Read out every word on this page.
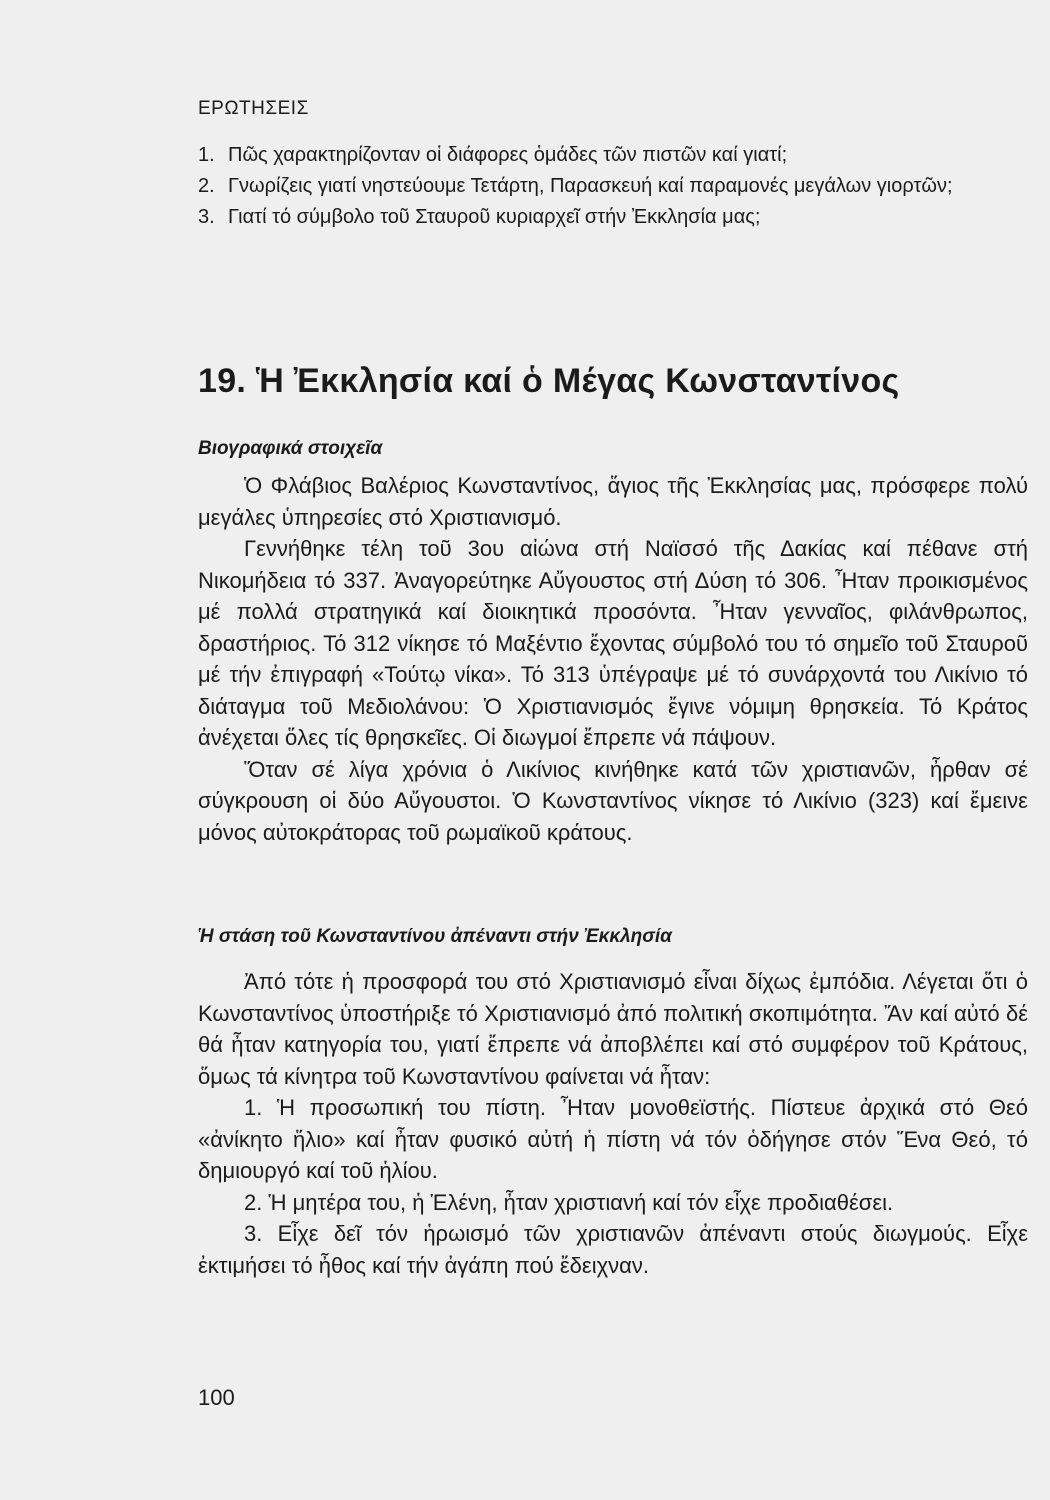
ΕΡΩΤΗΣΕΙΣ
1. Πῶς χαρακτηρίζονταν οἱ διάφορες ὁμάδες τῶν πιστῶν καί γιατί;
2. Γνωρίζεις γιατί νηστεύουμε Τετάρτη, Παρασκευή καί παραμονές μεγάλων γιορτῶν;
3. Γιατί τό σύμβολο τοῦ Σταυροῦ κυριαρχεῖ στήν Ἐκκλησία μας;
19. Ἡ Ἐκκλησία καί ὁ Μέγας Κωνσταντίνος
Βιογραφικά στοιχεῖα

Ὁ Φλάβιος Βαλέριος Κωνσταντίνος, ἅγιος τῆς Ἐκκλησίας μας, πρόσφερε πολύ μεγάλες ὑπηρεσίες στό Χριστιανισμό.

Γεννήθηκε τέλη τοῦ 3ου αἰώνα στή Ναϊσσό τῆς Δακίας καί πέθανε στή Νικομήδεια τό 337. Ἀναγορεύτηκε Αὔγουστος στή Δύση τό 306. Ἦταν προικισμένος μέ πολλά στρατηγικά καί διοικητικά προσόντα. Ἦταν γενναῖος, φιλάνθρωπος, δραστήριος. Τό 312 νίκησε τό Μαξέντιο ἔχοντας σύμβολό του τό σημεῖο τοῦ Σταυροῦ μέ τήν ἐπιγραφή «Τούτῳ νίκα». Τό 313 ὑπέγραψε μέ τό συνάρχοντά του Λικίνιο τό διάταγμα τοῦ Μεδιολάνου: Ὁ Χριστιανισμός ἔγινε νόμιμη θρησκεία. Τό Κράτος ἀνέχεται ὅλες τίς θρησκεῖες. Οἱ διωγμοί ἔπρεπε νά πάψουν.

Ὅταν σέ λίγα χρόνια ὁ Λικίνιος κινήθηκε κατά τῶν χριστιανῶν, ἦρθαν σέ σύγκρουση οἱ δύο Αὔγουστοι. Ὁ Κωνσταντίνος νίκησε τό Λικίνιο (323) καί ἔμεινε μόνος αὐτοκράτορας τοῦ ρωμαϊκοῦ κράτους.

Ἡ στάση τοῦ Κωνσταντίνου ἀπέναντι στήν Ἐκκλησία

Ἀπό τότε ἡ προσφορά του στό Χριστιανισμό εἶναι δίχως ἐμπόδια. Λέγεται ὅτι ὁ Κωνσταντίνος ὑποστήριξε τό Χριστιανισμό ἀπό πολιτική σκοπιμότητα. Ἄν καί αὐτό δέ θά ἦταν κατηγορία του, γιατί ἔπρεπε νά ἀποβλέπει καί στό συμφέρον τοῦ Κράτους, ὅμως τά κίνητρα τοῦ Κωνσταντίνου φαίνεται νά ἦταν:

1. Ἡ προσωπική του πίστη. Ἦταν μονοθεϊστής. Πίστευε ἀρχικά στό Θεό «ἀνίκητο ἥλιο» καί ἦταν φυσικό αὐτή ἡ πίστη νά τόν ὁδήγησε στόν Ἕνα Θεό, τό δημιουργό καί τοῦ ἡλίου.

2. Ἡ μητέρα του, ἡ Ἑλένη, ἦταν χριστιανή καί τόν εἶχε προδιαθέσει.

3. Εἶχε δεῖ τόν ἡρωισμό τῶν χριστιανῶν ἀπέναντι στούς διωγμούς. Εἶχε ἐκτιμήσει τό ἦθος καί τήν ἀγάπη πού ἔδειχναν.

100
